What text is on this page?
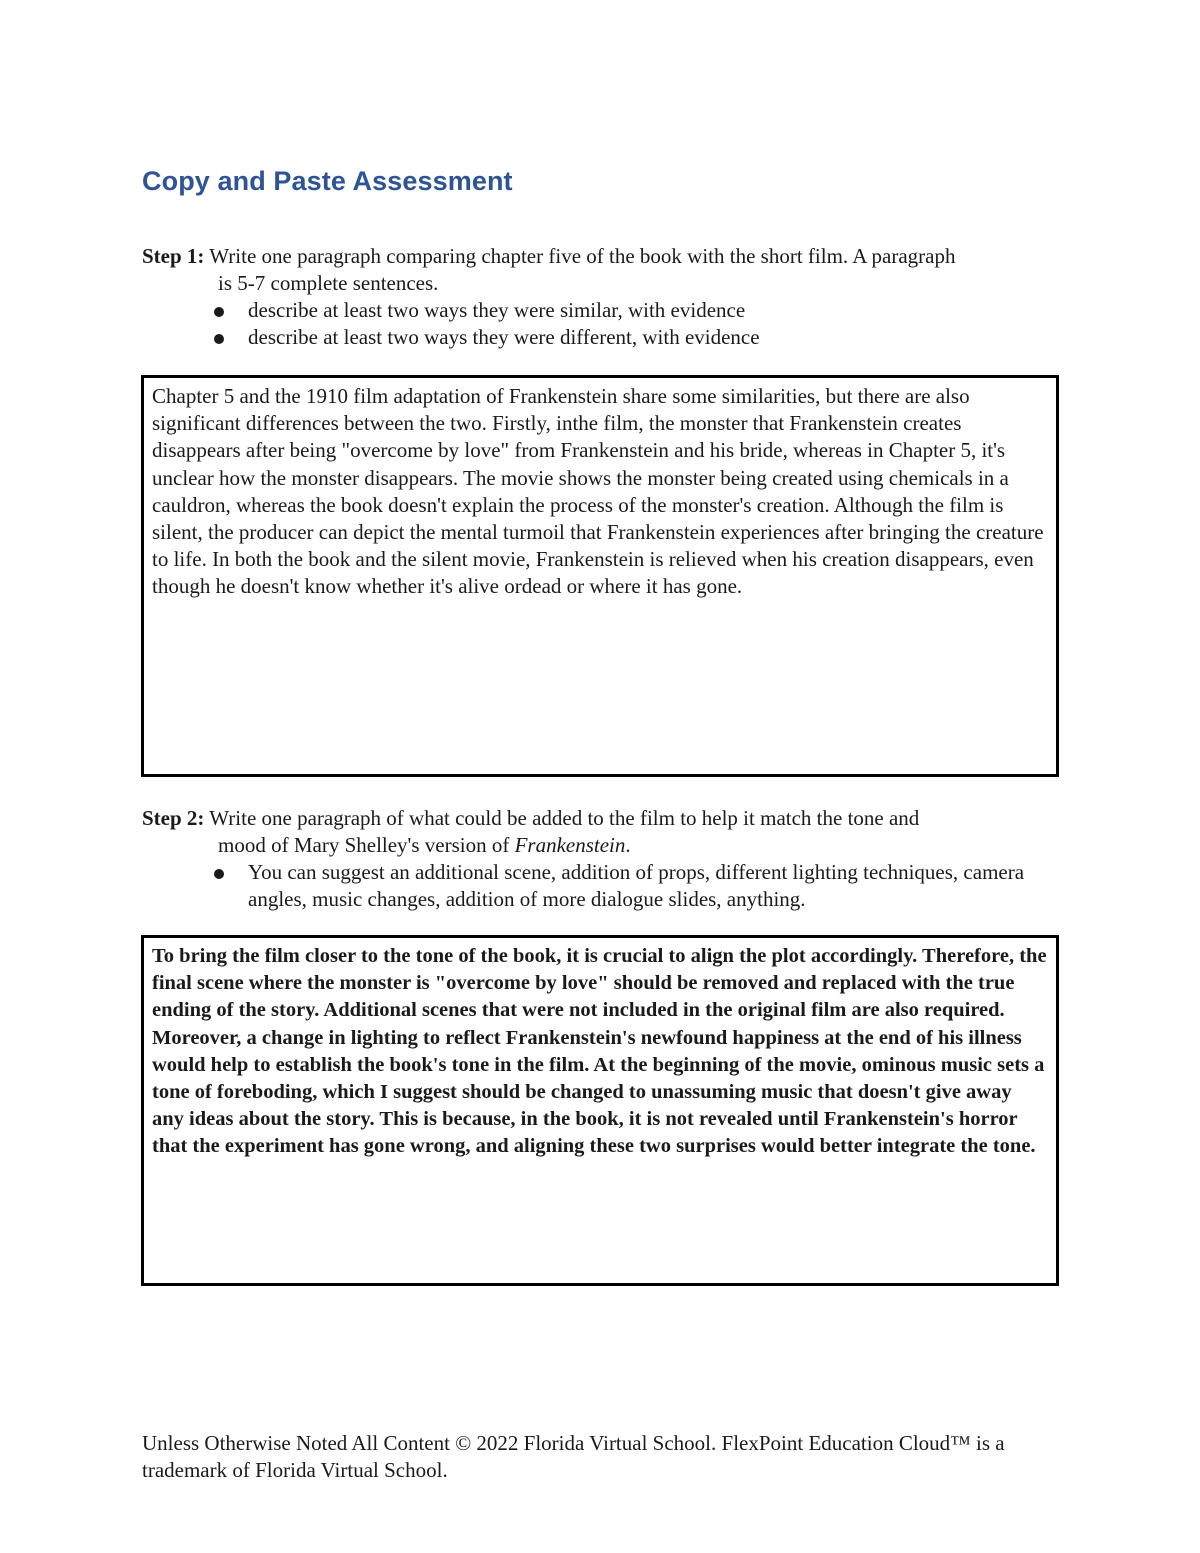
Copy and Paste Assessment

Step 1: Write one paragraph comparing chapter five of the book with the short film. A paragraph

is 5-7 complete sentences.

describe at least two ways they were similar, with evidence
describe at least two ways they were different, with evidence

Chapter 5 and the 1910 film adaptation of Frankenstein share some similarities, but there are also significant differences between the two. Firstly, inthe film, the monster that Frankenstein creates disappears after being "overcome by love" from Frankenstein and his bride, whereas in Chapter 5, it's unclear how the monster disappears. The movie shows the monster being created using chemicals in a cauldron, whereas the book doesn't explain the process of the monster's creation. Although the film is silent, the producer can depict the mental turmoil that Frankenstein experiences after bringing the creature to life. In both the book and the silent movie, Frankenstein is relieved when his creation disappears, even though he doesn't know whether it's alive ordead or where it has gone.

Step 2: Write one paragraph of what could be added to the film to help it match the tone and

mood of Mary Shelley's version of Frankenstein.

You can suggest an additional scene, addition of props, different lighting techniques, camera angles, music changes, addition of more dialogue slides, anything.

To bring the film closer to the tone of the book, it is crucial to align the plot accordingly. Therefore, the final scene where the monster is "overcome by love" should be removed and replaced with the true ending of the story. Additional scenes that were not included in the original film are also required. Moreover, a change in lighting to reflect Frankenstein's newfound happiness at the end of his illness would help to establish the book's tone in the film. At the beginning of the movie, ominous music sets a tone of foreboding, which I suggest should be changed to unassuming music that doesn't give away any ideas about the story. This is because, in the book, it is not revealed until Frankenstein's horror that the experiment has gone wrong, and aligning these two surprises would better integrate the tone.

Unless Otherwise Noted All Content © 2022 Florida Virtual School. FlexPoint Education Cloud™ is a trademark of Florida Virtual School.
